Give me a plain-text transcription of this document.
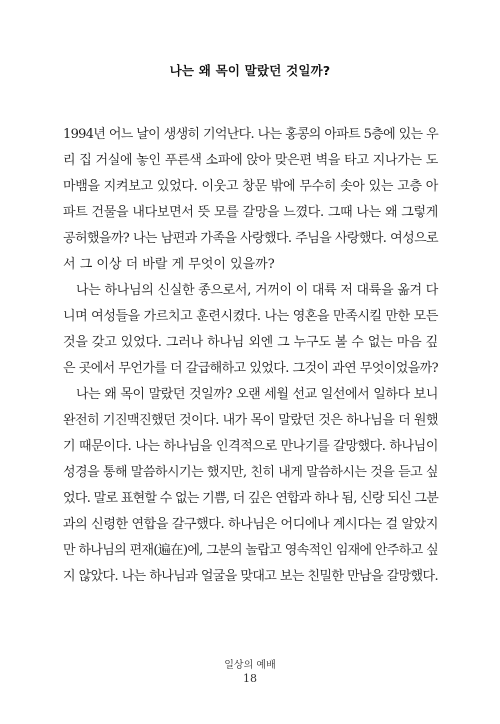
나는 왜 목이 말랐던 것일까?
1994년 어느 날이 생생히 기억난다. 나는 홍콩의 아파트 5층에 있는 우
리 집 거실에 놓인 푸른색 소파에 앉아 맞은편 벽을 타고 지나가는 도
마뱀을 지켜보고 있었다. 이웃고 창문 밖에 무수히 솟아 있는 고층 아
파트 건물을 내다보면서 뜻 모를 갈망을 느꼈다. 그때 나는 왜 그렇게
공허했을까? 나는 남편과 가족을 사랑했다. 주님을 사랑했다. 여성으로
서 그 이상 더 바랄 게 무엇이 있을까?
나는 하나님의 신실한 종으로서, 거꺼이 이 대륙 저 대륙을 옮겨 다
니며 여성들을 가르치고 훈련시켰다. 나는 영혼을 만족시킬 만한 모든
것을 갖고 있었다. 그러나 하나님 외엔 그 누구도 볼 수 없는 마음 깊
은 곳에서 무언가를 더 갈급해하고 있었다. 그것이 과연 무엇이었을까?
나는 왜 목이 말랐던 것일까? 오랜 세월 선교 일선에서 일하다 보니
완전히 기진맥진했던 것이다. 내가 목이 말랐던 것은 하나님을 더 원했
기 때문이다. 나는 하나님을 인격적으로 만나기를 갈망했다. 하나님이
성경을 통해 말씀하시기는 했지만, 친히 내게 말씀하시는 것을 듣고 싶
었다. 말로 표현할 수 없는 기쁨, 더 깊은 연합과 하나 됨, 신랑 되신 그분
과의 신령한 연합을 갈구했다. 하나님은 어디에나 계시다는 걸 알았지
만 하나님의 편재(遍在)에, 그분의 놀랍고 영속적인 임재에 안주하고 싶
지 않았다. 나는 하나님과 얼굴을 맞대고 보는 친밀한 만남을 갈망했다.
일상의 예배
18
